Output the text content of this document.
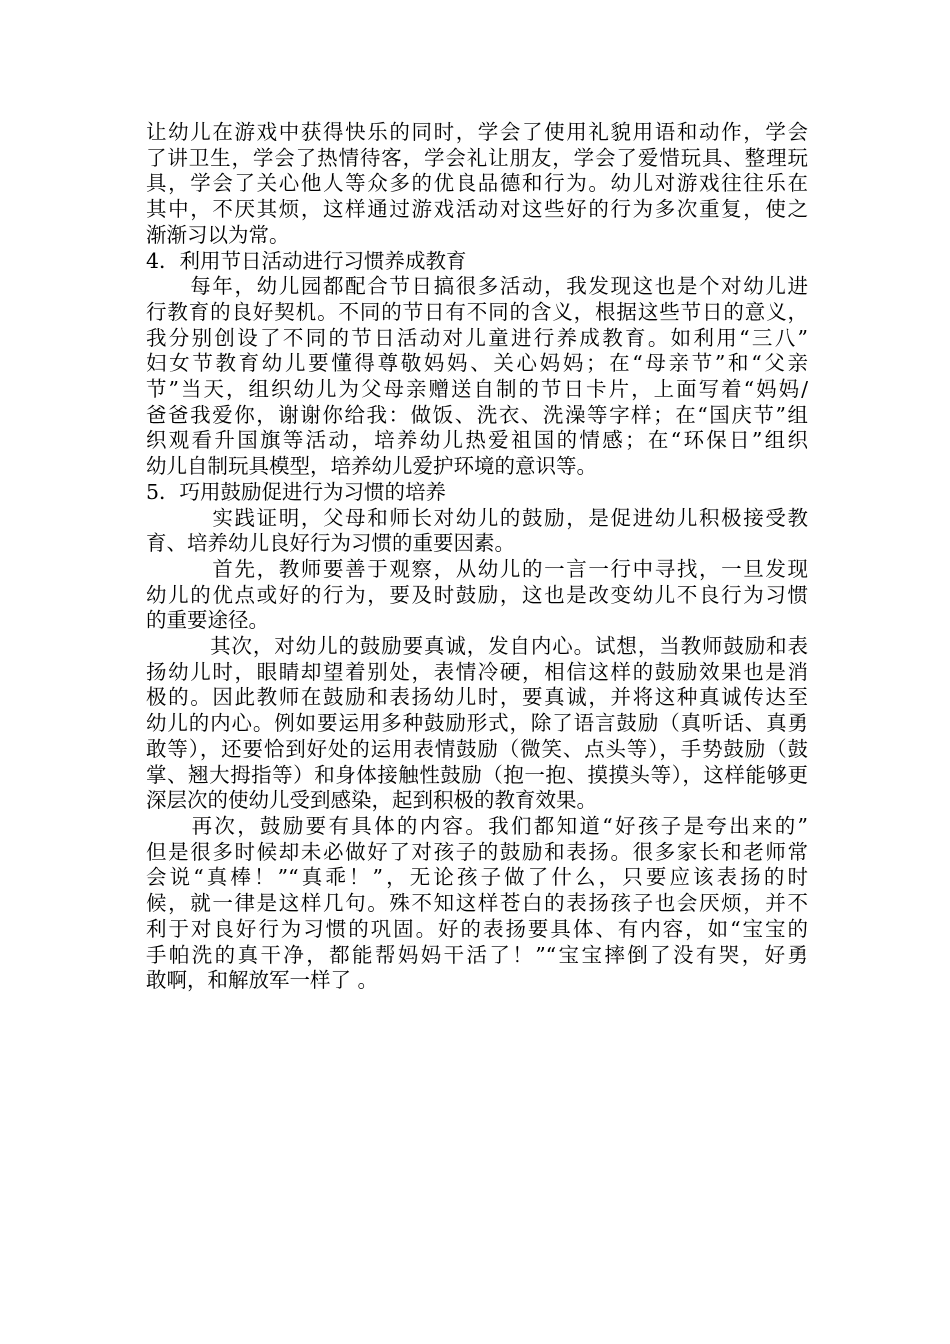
让幼儿在游戏中获得快乐的同时，学会了使用礼貌用语和动作，学会
了讲卫生，学会了热情待客，学会礼让朋友，学会了爱惜玩具、整理玩
具，学会了关心他人等众多的优良品德和行为。幼儿对游戏往往乐在
其中，不厌其烦，这样通过游戏活动对这些好的行为多次重复，使之
渐渐习以为常。
4．利用节日活动进行习惯养成教育
　　每年，幼儿园都配合节日搞很多活动，我发现这也是个对幼儿进
行教育的良好契机。不同的节日有不同的含义，根据这些节日的意义，
我分别创设了不同的节日活动对儿童进行养成教育。如利用“三八”
妇女节教育幼儿要懂得尊敬妈妈、关心妈妈；在“母亲节”和“父亲
节”当天，组织幼儿为父母亲赠送自制的节日卡片，上面写着“妈妈/
爸爸我爱你，谢谢你给我：做饭、洗衣、洗澡等字样；在“国庆节”组
织观看升国旗等活动，培养幼儿热爱祖国的情感；在“环保日”组织
幼儿自制玩具模型，培养幼儿爱护环境的意识等。
5．巧用鼓励促进行为习惯的培养
　　　实践证明，父母和师长对幼儿的鼓励，是促进幼儿积极接受教
育、培养幼儿良好行为习惯的重要因素。
　　　首先，教师要善于观察，从幼儿的一言一行中寻找，一旦发现
幼儿的优点或好的行为，要及时鼓励，这也是改变幼儿不良行为习惯
的重要途径。
　　　其次，对幼儿的鼓励要真诚，发自内心。试想，当教师鼓励和表
扬幼儿时，眼睛却望着别处，表情冷硬，相信这样的鼓励效果也是消
极的。因此教师在鼓励和表扬幼儿时，要真诚，并将这种真诚传达至
幼儿的内心。例如要运用多种鼓励形式，除了语言鼓励（真听话、真勇
敢等），还要恰到好处的运用表情鼓励（微笑、点头等），手势鼓励（鼓
掌、翘大拇指等）和身体接触性鼓励（抱一抱、摸摸头等），这样能够更
深层次的使幼儿受到感染，起到积极的教育效果。
　　再次，鼓励要有具体的内容。我们都知道“好孩子是夸出来的”
但是很多时候却未必做好了对孩子的鼓励和表扬。很多家长和老师常
会说“真棒！”“真乖！”，无论孩子做了什么，只要应该表扬的时
候，就一律是这样几句。殊不知这样苍白的表扬孩子也会厌烦，并不
利于对良好行为习惯的巩固。好的表扬要具体、有内容，如“宝宝的
手帕洗的真干净，都能帮妈妈干活了！”“宝宝摔倒了没有哭，好勇
敢啊，和解放军一样了 。
